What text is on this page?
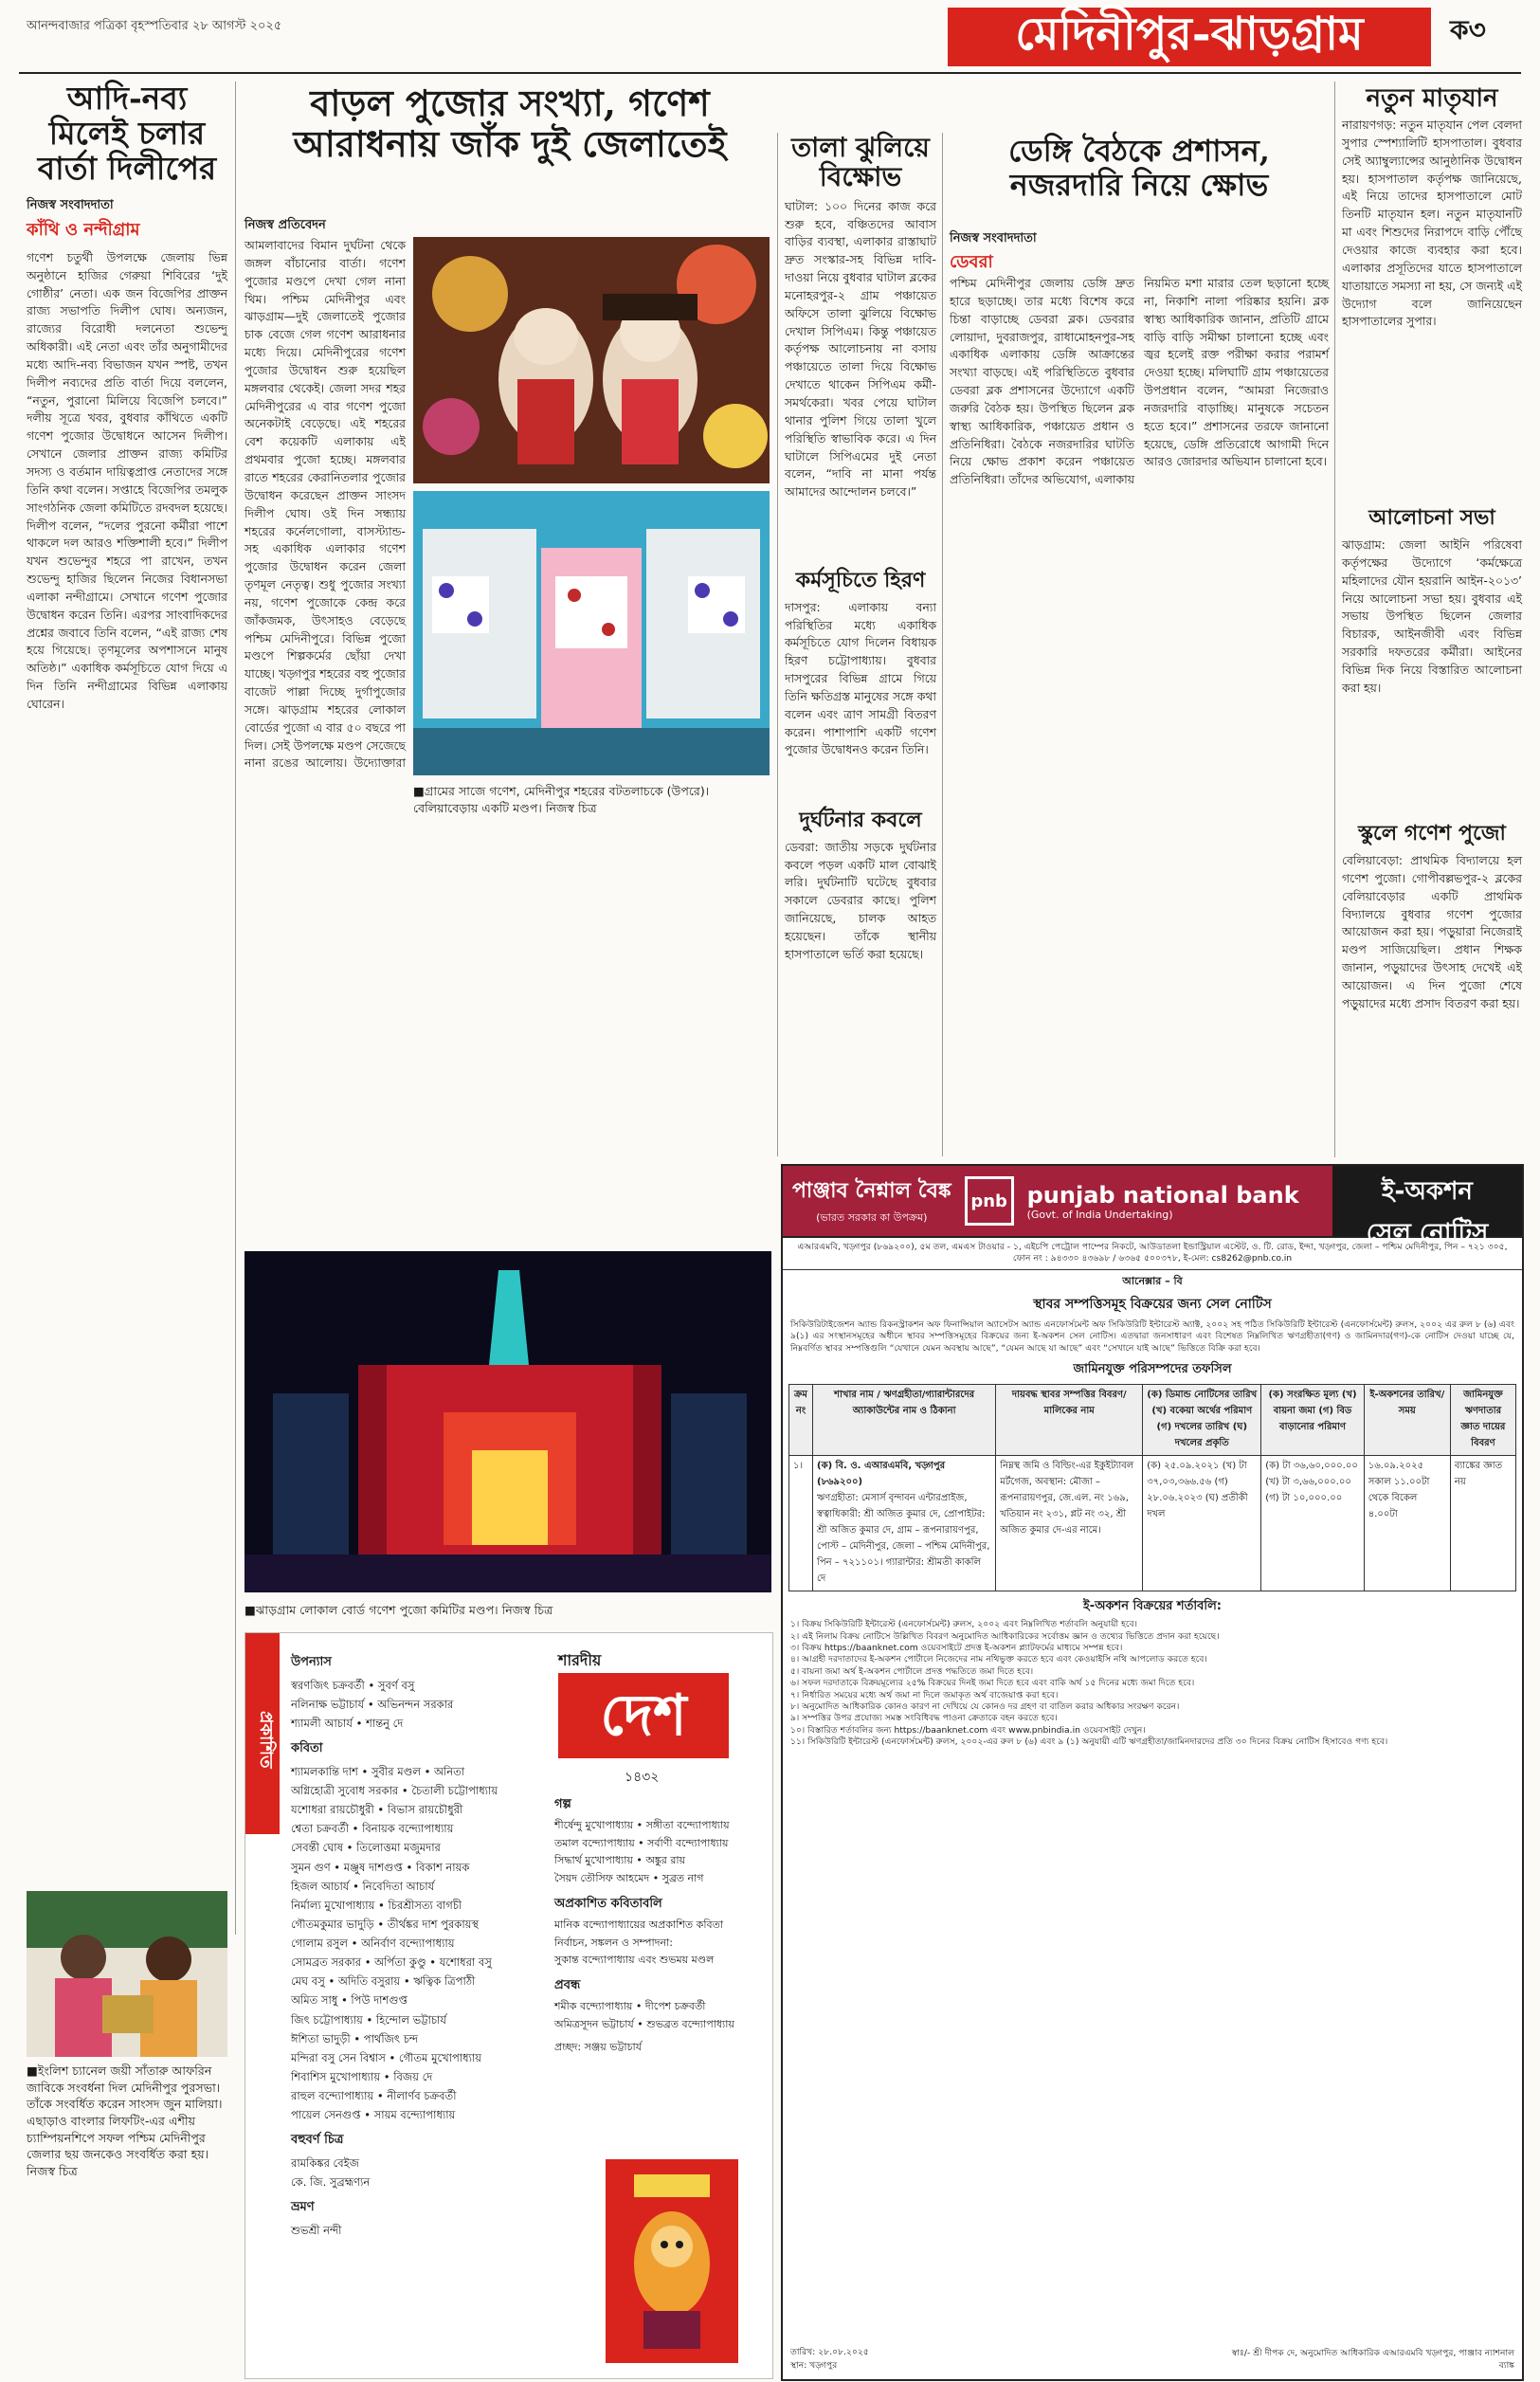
আনন্দবাজার পত্রিকা বৃহস্পতিবার ২৮ আগস্ট ২০২৫	মেদিনীপুর-ঝাড়গ্রাম	ক৩
আদি-নব্য মিলেই চলার বার্তা দিলীপের
নিজস্ব সংবাদদাতা
কাঁথি ও নন্দীগ্রাম
গণেশ চতুর্থী উপলক্ষে জেলায় ভিন্ন অনুষ্ঠানে হাজির গেরুয়া শিবিরের ‘দুই গোষ্ঠীর’ নেতা। এক জন বিজেপির প্রাক্তন রাজ্য সভাপতি দিলীপ ঘোষ। অন্যজন, রাজ্যের বিরোধী দলনেতা শুভেন্দু অধিকারী। এই নেতা এবং তাঁর অনুগামীদের মধ্যে আদি-নব্য বিভাজন যখন স্পষ্ট, তখন দিলীপ নব্যদের প্রতি বার্তা দিয়ে বললেন, “নতুন, পুরানো মিলিয়ে বিজেপি চলবে।” দলীয় সূত্রে খবর, বুধবার কাঁথিতে একটি গণেশ পুজোর উদ্বোধনে আসেন দিলীপ। সেখানে জেলার প্রাক্তন রাজ্য কমিটির সদস্য ও বর্তমান দায়িত্বপ্রাপ্ত নেতাদের সঙ্গে তিনি কথা বলেন। সপ্তাহে বিজেপির তমলুক সাংগঠনিক জেলা কমিটিতে রদবদল হয়েছে। দিলীপ বলেন, “দলের পুরনো কর্মীরা পাশে থাকলে দল আরও শক্তিশালী হবে।” দিলীপ যখন শুভেন্দুর শহরে পা রাখেন, তখন শুভেন্দু হাজির ছিলেন নিজের বিধানসভা এলাকা নন্দীগ্রামে। সেখানে গণেশ পুজোর উদ্বোধন করেন তিনি। এরপর সাংবাদিকদের প্রশ্নের জবাবে তিনি বলেন, “এই রাজ্য শেষ হয়ে গিয়েছে। তৃণমূলের অপশাসনে মানুষ অতিষ্ঠ।” একাধিক কর্মসূচিতে যোগ দিয়ে এ দিন তিনি নন্দীগ্রামের বিভিন্ন এলাকায় ঘোরেন।
বাড়ল পুজোর সংখ্যা, গণেশ আরাধনায় জাঁক দুই জেলাতেই
নিজস্ব প্রতিবেদন
আমলাবাদের বিমান দুর্ঘটনা থেকে জঙ্গল বাঁচানোর বার্তা। গণেশ পুজোর মণ্ডপে দেখা গেল নানা থিম। পশ্চিম মেদিনীপুর এবং ঝাড়গ্রাম—দুই জেলাতেই পুজোর চাক বেজে গেল গণেশ আরাধনার মধ্যে দিয়ে। মেদিনীপুরের গণেশ পুজোর উদ্বোধন শুরু হয়েছিল মঙ্গলবার থেকেই। জেলা সদর শহর মেদিনীপুরের এ বার গণেশ পুজো অনেকটাই বেড়েছে। এই শহরের বেশ কয়েকটি এলাকায় এই প্রথমবার পুজো হচ্ছে। মঙ্গলবার রাতে শহরের কেরানিতলার পুজোর উদ্বোধন করেছেন প্রাক্তন সাংসদ দিলীপ ঘোষ। ওই দিন সন্ধ্যায় শহরের কর্নেলগোলা, বাসস্ট্যান্ড-সহ একাধিক এলাকার গণেশ পুজোর উদ্বোধন করেন জেলা তৃণমূল নেতৃত্ব। শুধু পুজোর সংখ্যা নয়, গণেশ পুজোকে কেন্দ্র করে জাঁকজমক, উৎসাহও বেড়েছে পশ্চিম মেদিনীপুরে। বিভিন্ন পুজো মণ্ডপে শিল্পকর্মের ছোঁয়া দেখা যাচ্ছে। খড়্গপুর শহরের বহু পুজোর বাজেট পাল্লা দিচ্ছে দুর্গাপুজোর সঙ্গে। ঝাড়গ্রাম শহরের লোকাল বোর্ডের পুজো এ বার ৫০ বছরে পা দিল। সেই উপলক্ষে মণ্ডপ সেজেছে নানা রঙের আলোয়। উদ্যোক্তারা
■গ্রামের সাজে গণেশ, মেদিনীপুর শহরের বটতলাচকে (উপরে)। বেলিয়াবেড়ায় একটি মণ্ডপ। নিজস্ব চিত্র
■ঝাড়গ্রাম লোকাল বোর্ড গণেশ পুজো কমিটির মণ্ডপ। নিজস্ব চিত্র
তালা ঝুলিয়ে বিক্ষোভ
ঘাটাল: ১০০ দিনের কাজ করে শুরু হবে, বঞ্চিতদের আবাস বাড়ির ব্যবস্থা, এলাকার রাস্তাঘাট দ্রুত সংস্কার-সহ বিভিন্ন দাবি-দাওয়া নিয়ে বুধবার ঘাটাল ব্লকের মনোহরপুর-২ গ্রাম পঞ্চায়েত অফিসে তালা ঝুলিয়ে বিক্ষোভ দেখাল সিপিএম। কিন্তু পঞ্চায়েত কর্তৃপক্ষ আলোচনায় না বসায় পঞ্চায়েতে তালা দিয়ে বিক্ষোভ দেখাতে থাকেন সিপিএম কর্মী-সমর্থকেরা। খবর পেয়ে ঘাটাল থানার পুলিশ গিয়ে তালা খুলে পরিস্থিতি স্বাভাবিক করে। এ দিন ঘাটালে সিপিএমের দুই নেতা বলেন, “দাবি না মানা পর্যন্ত আমাদের আন্দোলন চলবে।”
কর্মসূচিতে হিরণ
দাসপুর: এলাকায় বন্যা পরিস্থিতির মধ্যে একাধিক কর্মসূচিতে যোগ দিলেন বিধায়ক হিরণ চট্টোপাধ্যায়। বুধবার দাসপুরের বিভিন্ন গ্রামে গিয়ে তিনি ক্ষতিগ্রস্ত মানুষের সঙ্গে কথা বলেন এবং ত্রাণ সামগ্রী বিতরণ করেন। পাশাপাশি একটি গণেশ পুজোর উদ্বোধনও করেন তিনি।
দুর্ঘটনার কবলে
ডেবরা: জাতীয় সড়কে দুর্ঘটনার কবলে পড়ল একটি মাল বোঝাই লরি। দুর্ঘটনাটি ঘটেছে বুধবার সকালে ডেবরার কাছে। পুলিশ জানিয়েছে, চালক আহত হয়েছেন। তাঁকে স্থানীয় হাসপাতালে ভর্তি করা হয়েছে।
ডেঙ্গি বৈঠকে প্রশাসন, নজরদারি নিয়ে ক্ষোভ
নিজস্ব সংবাদদাতা
ডেবরা
পশ্চিম মেদিনীপুর জেলায় ডেঙ্গি দ্রুত হারে ছড়াচ্ছে। তার মধ্যে বিশেষ করে চিন্তা বাড়াচ্ছে ডেবরা ব্লক। ডেবরার লোয়াদা, দুবরাজপুর, রাধামোহনপুর-সহ একাধিক এলাকায় ডেঙ্গি আক্রান্তের সংখ্যা বাড়ছে। এই পরিস্থিতিতে বুধবার ডেবরা ব্লক প্রশাসনের উদ্যোগে একটি জরুরি বৈঠক হয়। উপস্থিত ছিলেন ব্লক স্বাস্থ্য আধিকারিক, পঞ্চায়েত প্রধান ও প্রতিনিধিরা। বৈঠকে নজরদারির ঘাটতি নিয়ে ক্ষোভ প্রকাশ করেন পঞ্চায়েত প্রতিনিধিরা। তাঁদের অভিযোগ, এলাকায় নিয়মিত মশা মারার তেল ছড়ানো হচ্ছে না, নিকাশি নালা পরিষ্কার হয়নি। ব্লক স্বাস্থ্য আধিকারিক জানান, প্রতিটি গ্রামে বাড়ি বাড়ি সমীক্ষা চালানো হচ্ছে এবং জ্বর হলেই রক্ত পরীক্ষা করার পরামর্শ দেওয়া হচ্ছে। মলিঘাটি গ্রাম পঞ্চায়েতের উপপ্রধান বলেন, “আমরা নিজেরাও নজরদারি বাড়াচ্ছি। মানুষকে সচেতন হতে হবে।” প্রশাসনের তরফে জানানো হয়েছে, ডেঙ্গি প্রতিরোধে আগামী দিনে আরও জোরদার অভিযান চালানো হবে।
নতুন মাতৃযান
নারায়ণগড়: নতুন মাতৃযান পেল বেলদা সুপার স্পেশ্যালিটি হাসপাতাল। বুধবার সেই অ্যাম্বুল্যান্সের আনুষ্ঠানিক উদ্বোধন হয়। হাসপাতাল কর্তৃপক্ষ জানিয়েছে, এই নিয়ে তাদের হাসপাতালে মোট তিনটি মাতৃযান হল। নতুন মাতৃযানটি মা এবং শিশুদের নিরাপদে বাড়ি পৌঁছে দেওয়ার কাজে ব্যবহার করা হবে। এলাকার প্রসূতিদের যাতে হাসপাতালে যাতায়াতে সমস্যা না হয়, সে জন্যই এই উদ্যোগ বলে জানিয়েছেন হাসপাতালের সুপার।
আলোচনা সভা
ঝাড়গ্রাম: জেলা আইনি পরিষেবা কর্তৃপক্ষের উদ্যোগে ‘কর্মক্ষেত্রে মহিলাদের যৌন হয়রানি আইন-২০১৩’ নিয়ে আলোচনা সভা হয়। বুধবার এই সভায় উপস্থিত ছিলেন জেলার বিচারক, আইনজীবী এবং বিভিন্ন সরকারি দফতরের কর্মীরা। আইনের বিভিন্ন দিক নিয়ে বিস্তারিত আলোচনা করা হয়।
স্কুলে গণেশ পুজো
বেলিয়াবেড়া: প্রাথমিক বিদ্যালয়ে হল গণেশ পুজো। গোপীবল্লভপুর-২ ব্লকের বেলিয়াবেড়ার একটি প্রাথমিক বিদ্যালয়ে বুধবার গণেশ পুজোর আয়োজন করা হয়। পড়ুয়ারা নিজেরাই মণ্ডপ সাজিয়েছিল। প্রধান শিক্ষক জানান, পড়ুয়াদের উৎসাহ দেখেই এই আয়োজন। এ দিন পুজো শেষে পড়ুয়াদের মধ্যে প্রসাদ বিতরণ করা হয়।
পাঞ্জাব নৈশ্নাল বৈঙ্ক
(ভারত সরকার কা উপক্রম)
pnb punjab national bank
(Govt. of India Undertaking)
ই-অকশন
সেল নোটিস
এআরএমবি, খড়্গপুর (৮৬৯২০০), ৫ম তল, এমএস টাওয়ার - ১, এইচপি পেট্রোল পাম্পের নিকটে, আউডাতলা ইন্ডাস্ট্রিয়াল এস্টেট, ও. টি. রোড, ইন্দা, খড়্গপুর, জেলা – পশ্চিম মেদিনীপুর, পিন – ৭২১ ৩০৫, ফোন নং : ৯৪৩৩০ ৪৩৬৯৮ / ৬৩৬৫ ৫০০৩৭৮, ই-মেল: cs8262@pnb.co.in
আনেক্সার – বি
স্থাবর সম্পত্তিসমূহ বিক্রয়ের জন্য সেল নোটিস
সিকিউরিটাইজেশন অ্যান্ড রিকনস্ট্রাকশন অফ ফিনান্সিয়াল অ্যাসেটস অ্যান্ড এনফোর্সমেন্ট অফ সিকিউরিটি ইন্টারেস্ট অ্যাক্ট, ২০০২ সহ পঠিত সিকিউরিটি ইন্টারেস্ট (এনফোর্সমেন্ট) রুলস, ২০০২ এর রুল ৮ (৬) এবং ৯(১) এর সংস্থানসমূহের অধীনে স্থাবর সম্পত্তিসমূহের বিক্রয়ের জন্য ই-অকশন সেল নোটিস। এতদ্বারা জনসাধারণ এবং বিশেষত নিম্নলিখিত ঋণগ্রহীতা(গণ) ও জামিনদার(গণ)-কে নোটিস দেওয়া যাচ্ছে যে, নিম্নবর্ণিত স্থাবর সম্পত্তিগুলি “যেখানে যেমন অবস্থায় আছে”, “যেমন আছে যা আছে” এবং “সেখানে যাই আছে” ভিত্তিতে বিক্রি করা হবে।
জামিনযুক্ত পরিসম্পদের তফসিল
ক্রম নং	শাখার নাম / ঋণগ্রহীতা/গ্যারান্টারদের অ্যাকাউন্টের নাম ও ঠিকানা	দায়বদ্ধ স্থাবর সম্পত্তির বিবরণ/ মালিকের নাম	(ক) ডিমান্ড নোটিসের তারিখ (খ) বকেয়া অর্থের পরিমাণ (গ) দখলের তারিখ (ঘ) দখলের প্রকৃতি	(ক) সংরক্ষিত মূল্য (খ) বায়না জমা (গ) বিড বাড়ানোর পরিমাণ	ই-অকশনের তারিখ/সময়	জামিনযুক্ত ঋণদাতার জ্ঞাত দায়ের বিবরণ
১।	(ক) বি. ও. এআরএমবি, খড়্গপুর (৮৬৯২০০)
ঋণগ্রহীতা: মেসার্স বৃন্দাবন এন্টারপ্রাইজ, স্বত্বাধিকারী: শ্রী অজিত কুমার দে, প্রোপাইটর: শ্রী অজিত কুমার দে, গ্রাম – রূপনারায়ণপুর, পোস্ট – মেদিনীপুর, জেলা – পশ্চিম মেদিনীপুর, পিন – ৭২১১০১। গ্যারান্টার: শ্রীমতী কাকলি দে	নিম্নস্থ জমি ও বিল্ডিং-এর ইকুইট্যাবল মর্টগেজ, অবস্থান: মৌজা – রূপনারায়ণপুর, জে.এল. নং ১৬৯, খতিয়ান নং ২৩১, প্লট নং ৩২, শ্রী অজিত কুমার দে-এর নামে।	(ক) ২৫.০৯.২০২১ (খ) টা ৩৭,০৩,৩৬৬.৫৬ (গ) ২৮.০৬.২০২৩ (ঘ) প্রতীকী দখল	(ক) টা ৩৬,৬০,০০০.০০ (খ) টা ৩,৬৬,০০০.০০ (গ) টা ১০,০০০.০০	১৬.০৯.২০২৫ সকাল ১১.০০টা থেকে বিকেল ৪.০০টা	ব্যাঙ্কের জ্ঞাত নয়
ই-অকশন বিক্রয়ের শর্তাবলি:
১। বিক্রয় সিকিউরিটি ইন্টারেস্ট (এনফোর্সমেন্ট) রুলস, ২০০২ এবং নিম্নলিখিত শর্তাবলি অনুযায়ী হবে।
২। এই নিলাম বিক্রয় নোটিসে উল্লিখিত বিবরণ অনুমোদিত আধিকারিকের সর্বোত্তম জ্ঞান ও তথ্যের ভিত্তিতে প্রদান করা হয়েছে।
৩। বিক্রয় https://baanknet.com ওয়েবসাইটে প্রদত্ত ই-অকশন প্ল্যাটফর্মের মাধ্যমে সম্পন্ন হবে।
৪। আগ্রহী দরদাতাদের ই-অকশন পোর্টালে নিজেদের নাম নথিভুক্ত করতে হবে এবং কেওয়াইসি নথি আপলোড করতে হবে।
৫। বায়না জমা অর্থ ই-অকশন পোর্টালে প্রদত্ত পদ্ধতিতে জমা দিতে হবে।
৬। সফল দরদাতাকে বিক্রয়মূল্যের ২৫% বিক্রয়ের দিনই জমা দিতে হবে এবং বাকি অর্থ ১৫ দিনের মধ্যে জমা দিতে হবে।
৭। নির্ধারিত সময়ের মধ্যে অর্থ জমা না দিলে জমাকৃত অর্থ বাজেয়াপ্ত করা হবে।
৮। অনুমোদিত আধিকারিক কোনও কারণ না দেখিয়ে যে কোনও দর গ্রহণ বা বাতিল করার অধিকার সংরক্ষণ করেন।
৯। সম্পত্তির উপর প্রযোজ্য সমস্ত সংবিধিবদ্ধ পাওনা ক্রেতাকে বহন করতে হবে।
১০। বিস্তারিত শর্তাবলির জন্য https://baanknet.com এবং www.pnbindia.in ওয়েবসাইট দেখুন।
১১। সিকিউরিটি ইন্টারেস্ট (এনফোর্সমেন্ট) রুলস, ২০০২-এর রুল ৮ (৬) এবং ৯ (১) অনুযায়ী এটি ঋণগ্রহীতা/জামিনদারদের প্রতি ৩০ দিনের বিক্রয় নোটিস হিসাবেও গণ্য হবে।
তারিখ: ২৮.০৮.২০২৫
স্থান: খড়্গপুর
স্বাঃ/- শ্রী দীপক দে, অনুমোদিত আধিকারিক এআরএমবি খড়্গপুর, পাঞ্জাব ন্যাশনাল ব্যাঙ্ক
প্রকাশিত
শারদীয়
দেশ
১৪৩২
উপন্যাস
স্বরণজিৎ চক্রবর্তী • সুবর্ণ বসু
নলিনাক্ষ ভট্টাচার্য • অভিনন্দন সরকার
শ্যামলী আচার্য • শান্তনু দে
কবিতা
শ্যামলকান্তি দাশ • সুবীর মণ্ডল • অনিতা
অগ্নিহোত্রী সুবোধ সরকার • চৈতালী চট্টোপাধ্যায়
যশোধরা রায়চৌধুরী • বিভাস রায়চৌধুরী
শ্বেতা চক্রবর্তী • বিনায়ক বন্দ্যোপাধ্যায়
সেবন্তী ঘোষ • তিলোত্তমা মজুমদার
সুমন গুণ • মঞ্জুষ দাশগুপ্ত • বিকাশ নায়ক
হিজল আচার্য • নিবেদিতা আচার্য
নির্মাল্য মুখোপাধ্যায় • চিরশ্রীসত্য বাগচী
গৌতমকুমার ভাদুড়ি • তীর্থঙ্কর দাশ পুরকায়স্থ
গোলাম রসুল • অনির্বাণ বন্দ্যোপাধ্যায়
সোমব্রত সরকার • অর্পিতা কুণ্ডু • যশোধরা বসু
মেঘ বসু • অদিতি বসুরায় • ঋত্বিক ত্রিপাঠী
অমিত সাধু • পিউ দাশগুপ্ত
জিৎ চট্টোপাধ্যায় • হিন্দোল ভট্টাচার্য
ঈশিতা ভাদুড়ী • পার্থজিৎ চন্দ
মন্দিরা বসু সেন বিশ্বাস • গৌতম মুখোপাধ্যায়
শিবাশিস মুখোপাধ্যায় • বিজয় দে
রাহুল বন্দ্যোপাধ্যায় • নীলাৰ্ণব চক্রবর্তী
পায়েল সেনগুপ্ত • সায়ম বন্দ্যোপাধ্যায়
বহুবর্ণ চিত্র
রামকিঙ্কর বেইজ
কে. জি. সুব্রহ্মণ্যন
ভ্রমণ
শুভশ্রী নন্দী
গল্প
শীর্ষেন্দু মুখোপাধ্যায় • সঙ্গীতা বন্দ্যোপাধ্যায়
তমাল বন্দ্যোপাধ্যায় • সর্বাণী বন্দ্যোপাধ্যায়
সিদ্ধার্থ মুখোপাধ্যায় • অঙ্কুর রায়
সৈয়দ তৌসিফ আহমেদ • সুব্রত নাগ
অপ্রকাশিত কবিতাবলি
মানিক বন্দ্যোপাধ্যায়ের অপ্রকাশিত কবিতা
নির্বাচন, সঙ্কলন ও সম্পাদনা:
সুকান্ত বন্দ্যোপাধ্যায় এবং শুভময় মণ্ডল
প্রবন্ধ
শমীক বন্দ্যোপাধ্যায় • দীপেশ চক্রবর্তী
অমিত্রসূদন ভট্টাচার্য • শুভব্রত বন্দ্যোপাধ্যায়
প্রচ্ছদ: সঞ্জয় ভট্টাচার্য
■ইংলিশ চ্যানেল জয়ী সাঁতারু আফরিন জাবিকে সংবর্ধনা দিল মেদিনীপুর পুরসভা। তাঁকে সংবর্ধিত করেন সাংসদ জুন মালিয়া। এছাড়াও বাংলার লিফটিং-এর এশীয় চ্যাম্পিয়নশিপে সফল পশ্চিম মেদিনীপুর জেলার ছয় জনকেও সংবর্ধিত করা হয়। নিজস্ব চিত্র
